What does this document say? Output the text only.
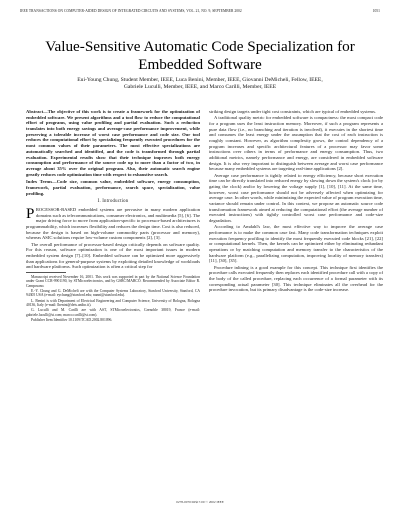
IEEE TRANSACTIONS ON COMPUTER-AIDED DESIGN OF INTEGRATED CIRCUITS AND SYSTEMS, VOL. 21, NO. 9, SEPTEMBER 2002	1051
Value-Sensitive Automatic Code Specialization for Embedded Software
Eui-Young Chung, Student Member, IEEE, Luca Benini, Member, IEEE, Giovanni DeMicheli, Fellow, IEEE,
Gabriele Luculli, Member, IEEE, and Marco Carilli, Member, IEEE

Abstract—The objective of this work is to create a framework for the optimization of embedded software. We present algorithms and a tool flow to reduce the computational effort of programs, using value profiling and partial evaluation. Such a reduction translates into both energy savings and average-case performance improvement, while preserving a tolerable increase of worst case performance and code size. Our tool reduces the computational effort by specializing frequently executed procedures for the most common values of their parameters. The most effective specializations are automatically searched and identified, and the code is transformed through partial evaluation. Experimental results show that their technique improves both energy consumption and performance of the source code up to more than a factor of two, in average about 35% over the original program. Also, their automatic search engine greatly reduces code optimization time with respect to exhaustive search.

Index Terms—Code size, common value, embedded software, energy consumption, framework, partial evaluation, performance, search space, specialization, value profiling.

I. Introduction

P ROCESSOR-BASED embedded systems are pervasive in many modern application domains such as telecommunications, consumer electronics, and multimedia [5], [6]. The major driving force to move from application-specific to processor-based architectures is programmability, which increases flexibility and reduces the design time. Cost is also reduced, because the design is based on high-volume commodity parts (processor and memory), whereas ASIC solutions require low-volume custom components [2], [3].

The overall performance of processor-based design critically depends on software quality. For this reason, software optimization is one of the most important issues in modern embedded system design [7]–[10]. Embedded software can be optimized more aggressively than applications for general-purpose systems by exploiting detailed knowledge of workloads and hardware platforms. Such optimization is often a critical step for

Manuscript received November 16, 2001. This work was supported in part by the National Science Foundation under Grant CCR-9901190, by STMicroelectronics, and by GSRC/MARCO. Recommended by Associate Editor R. Camposano.

E.-Y. Chung and G. DeMicheli are with the Computer Systems Laboratory, Stanford University, Stanford, CA 94305 USA (e-mail: eychung@stanford.edu; nanni@stanford.edu).

L. Benini is with Department of Electrical Engineering and Computer Science, University of Bologna, Bologna 40136, Italy (e-mail: lbenini@deis.unibo.it).

G. Luculli and M. Carilli are with AST, STMicroelectronics, Grenoble 38019, France (e-mail: gabriele.luculli@st.com; marco.carilli@st.com).

Publisher Item Identifier 10.1109/TCAD.2002.801096.

striking design targets under tight cost constraints, which are typical of embedded systems.

A traditional quality metric for embedded software is compactness: the most compact code for a program uses the least instruction memory. Moreover, if such a program represents a pure data flow (i.e., no branching and iteration is involved), it executes in the shortest time and consumes the least energy under the assumption that the cost of each instruction is roughly constant. However, as algorithm complexity grows, the control dependency of a program increases and specific architectural features of a processor may favor some instructions over others in terms of performance and energy consumption. Thus, two additional metrics, namely performance and energy, are considered in embedded software design. It is also very important to distinguish between average and worst case performance because many embedded systems are targeting real-time applications [2].

Average case performance is tightly related to energy efficiency, because short execution time can be directly translated into reduced energy by slowing down the system's clock (or by gating the clock) and/or by lowering the voltage supply [1], [10], [11]. At the same time, however, worst case performance should not be adversely affected when optimizing for average case. In other words, while minimizing the expected value of program execution time, variance should remain under control. In this context, we propose an automatic source code transformation framework aimed at reducing the computational effort (the average number of executed instructions) with tightly controlled worst case performance and code-size degradation.

According to Amdahl's law, the most effective way to improve the average case performance is to make the common case fast. Many code transformation techniques exploit execution frequency profiling to identify the most frequently executed code blocks [21], [22] or computational kernels. Then, the kernels can be optimized either by eliminating redundant operations or by matching computation and memory transfer to the characteristics of the hardware platform (e.g., parallelizing computation, improving locality of memory transfers) [11], [30], [35].

Procedure inlining is a good example for this concept. This technique first identifies the procedure calls executed frequently then replaces each identified procedure call with a copy of the body of the called procedure, replacing each occurrence of a formal parameter with its corresponding actual parameter [30]. This technique eliminates all the overhead for the procedure invocation, but its primary disadvantage is the code-size increase.

0278-0070/02$17.00 © 2002 IEEE
